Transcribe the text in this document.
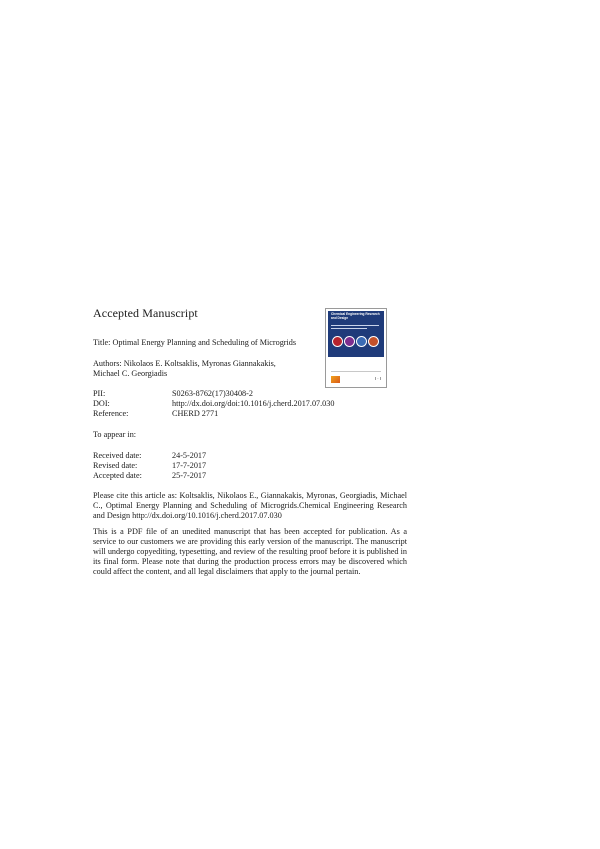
Accepted Manuscript	Chemical Engineering Research and Design
I ∙ I
Title: Optimal Energy Planning and Scheduling of Microgrids
Authors: Nikolaos E. Koltsaklis, Myronas Giannakakis,
Michael C. Georgiadis
PII:	S0263-8762(17)30408-2
DOI:	http://dx.doi.org/doi:10.1016/j.cherd.2017.07.030
Reference:	CHERD 2771
To appear in:
Received date:	24-5-2017
Revised date:	17-7-2017
Accepted date:	25-7-2017
Please cite this article as: Koltsaklis, Nikolaos E., Giannakakis, Myronas, Georgiadis, Michael C., Optimal Energy Planning and Scheduling of Microgrids.Chemical Engineering Research and Design http://dx.doi.org/10.1016/j.cherd.2017.07.030
This is a PDF file of an unedited manuscript that has been accepted for publication. As a service to our customers we are providing this early version of the manuscript. The manuscript will undergo copyediting, typesetting, and review of the resulting proof before it is published in its final form. Please note that during the production process errors may be discovered which could affect the content, and all legal disclaimers that apply to the journal pertain.
